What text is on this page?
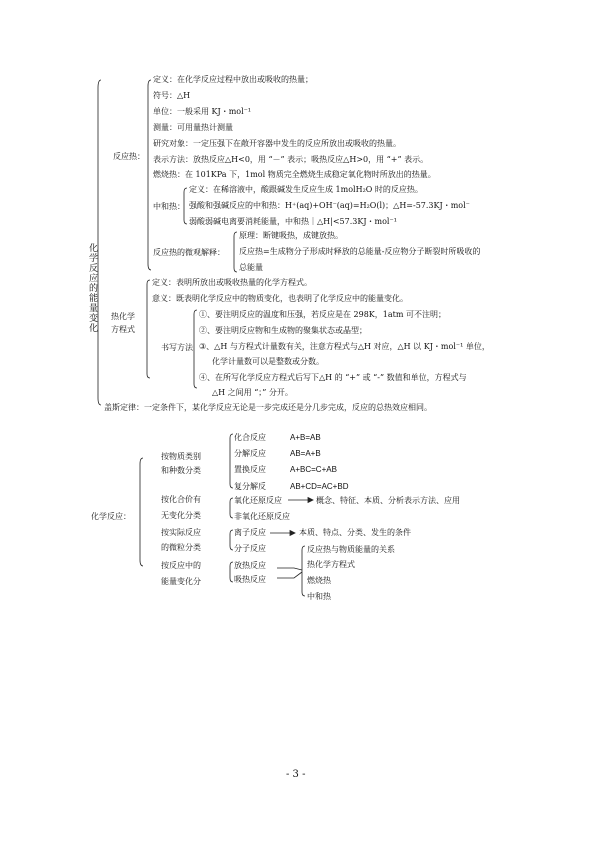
化学反应的能量变化
反应热：
定义：在化学反应过程中放出或吸收的热量；
符号：△H
单位：一般采用 KJ・mol⁻¹
测量：可用量热计测量
研究对象：一定压强下在敞开容器中发生的反应所放出或吸收的热量。
表示方法：放热反应△H<0，用 “－” 表示；吸热反应△H>0，用 “+” 表示。
燃烧热：在 101KPa 下，1mol 物质完全燃烧生成稳定氧化物时所放出的热量。
中和热：
定义：在稀溶液中，酸跟碱发生反应生成 1molH₂O 时的反应热。
强酸和强碱反应的中和热：H⁺(aq)+OH⁻(aq)=H₂O(l)；△H=-57.3KJ・mol⁻
弱酸弱碱电离要消耗能量，中和热｜△H|<57.3KJ・mol⁻¹
反应热的微观解释：
原理：断键吸热，成键放热。
反应热=生成物分子形成时释放的总能量-反应物分子断裂时所吸收的
总能量
热化学
方程式
定义：表明所放出或吸收热量的化学方程式。
意义：既表明化学反应中的物质变化，也表明了化学反应中的能量变化。
书写方法
①、要注明反应的温度和压强，若反应是在 298K，1atm 可不注明；
②、要注明反应物和生成物的聚集状态或晶型；
③、△H 与方程式计量数有关，注意方程式与△H 对应，△H 以 KJ・mol⁻¹ 单位，
化学计量数可以是整数或分数。
④、在所写化学反应方程式后写下△H 的 “+” 或 “-” 数值和单位，方程式与
△H 之间用 “；” 分开。
盖斯定律：一定条件下，某化学反应无论是一步完成还是分几步完成，反应的总热效应相同。
化学反应：
按物质类别
和种数分类
化合反应	A+B=AB
分解反应	AB=A+B
置换反应	A+BC=C+AB
复分解反	AB+CD=AC+BD
按化合价有
无变化分类
氧化还原反应	概念、特征、本质、分析表示方法、应用
非氧化还原反应
按实际反应
的微粒分类
离子反应	本质、特点、分类、发生的条件
分子反应
按反应中的
能量变化分
放热反应
吸热反应
反应热与物质能量的关系
热化学方程式
燃烧热
中和热
- 3 -
